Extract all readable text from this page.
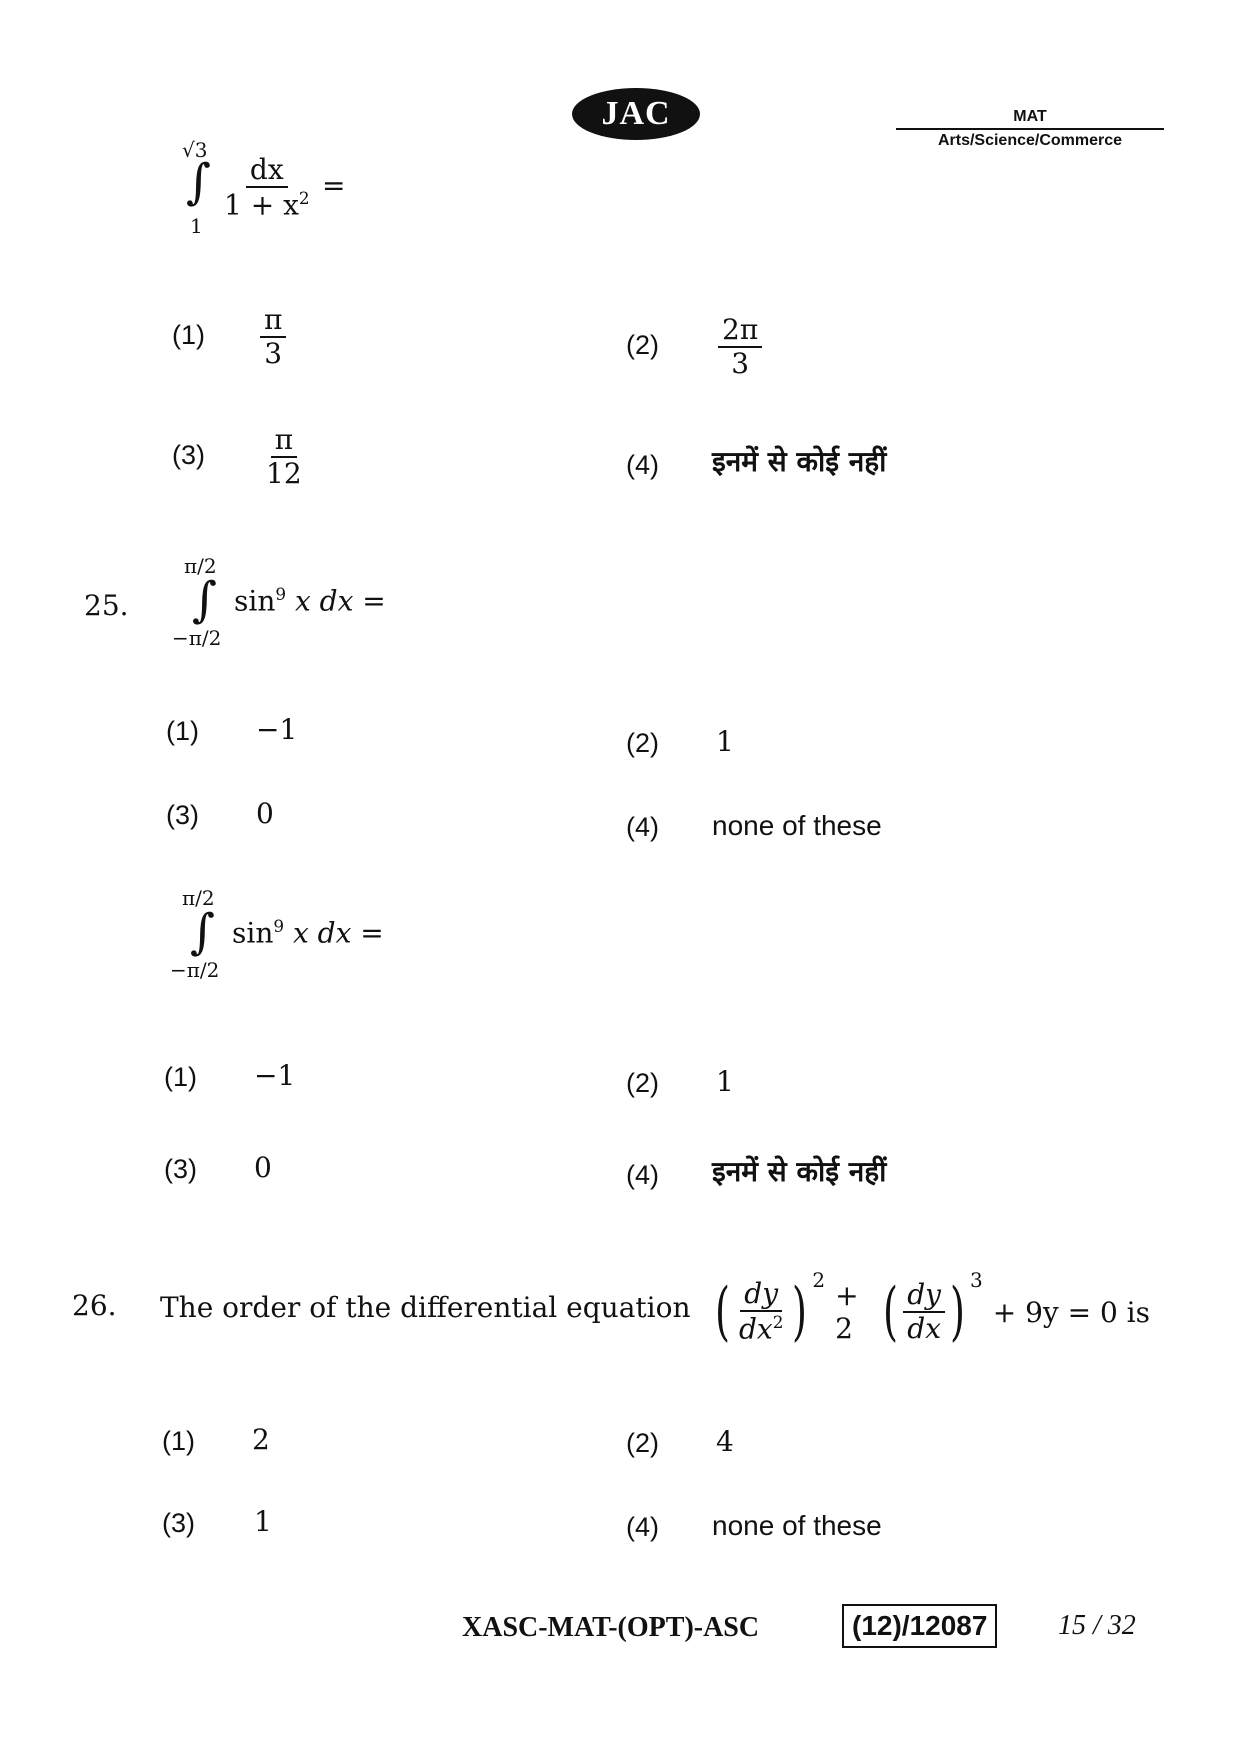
JAC	MAT
Arts/Science/Commerce
√3
∫
1
$\frac{dx}{1 + x^2}$ =
$(1) \frac{\pi}{3}$	$(2) \frac{2\pi}{3}$
$(3) \frac{\pi}{12}$	(4) इनमें से कोई नहीं
25.
π/2
∫
−π/2
$\sin^9 x$ dx =
(1) −1	(2) 1
(3) 0	(4) none of these
π/2
∫
−π/2
$\sin^9 x$ dx =
(1) −1	(2) 1
(3) 0	(4) इनमें से कोई नहीं
26. The order of the differential equation ( $\frac{dy}{dx^2} )^2 + 2$ ( $\frac{dy}{dx} )^3$
+ 9y = 0 is
(1) 2	(2) 4
(3) 1	(4) none of these
XASC-MAT-(OPT)-ASC	(12)/12087	15 / 32
